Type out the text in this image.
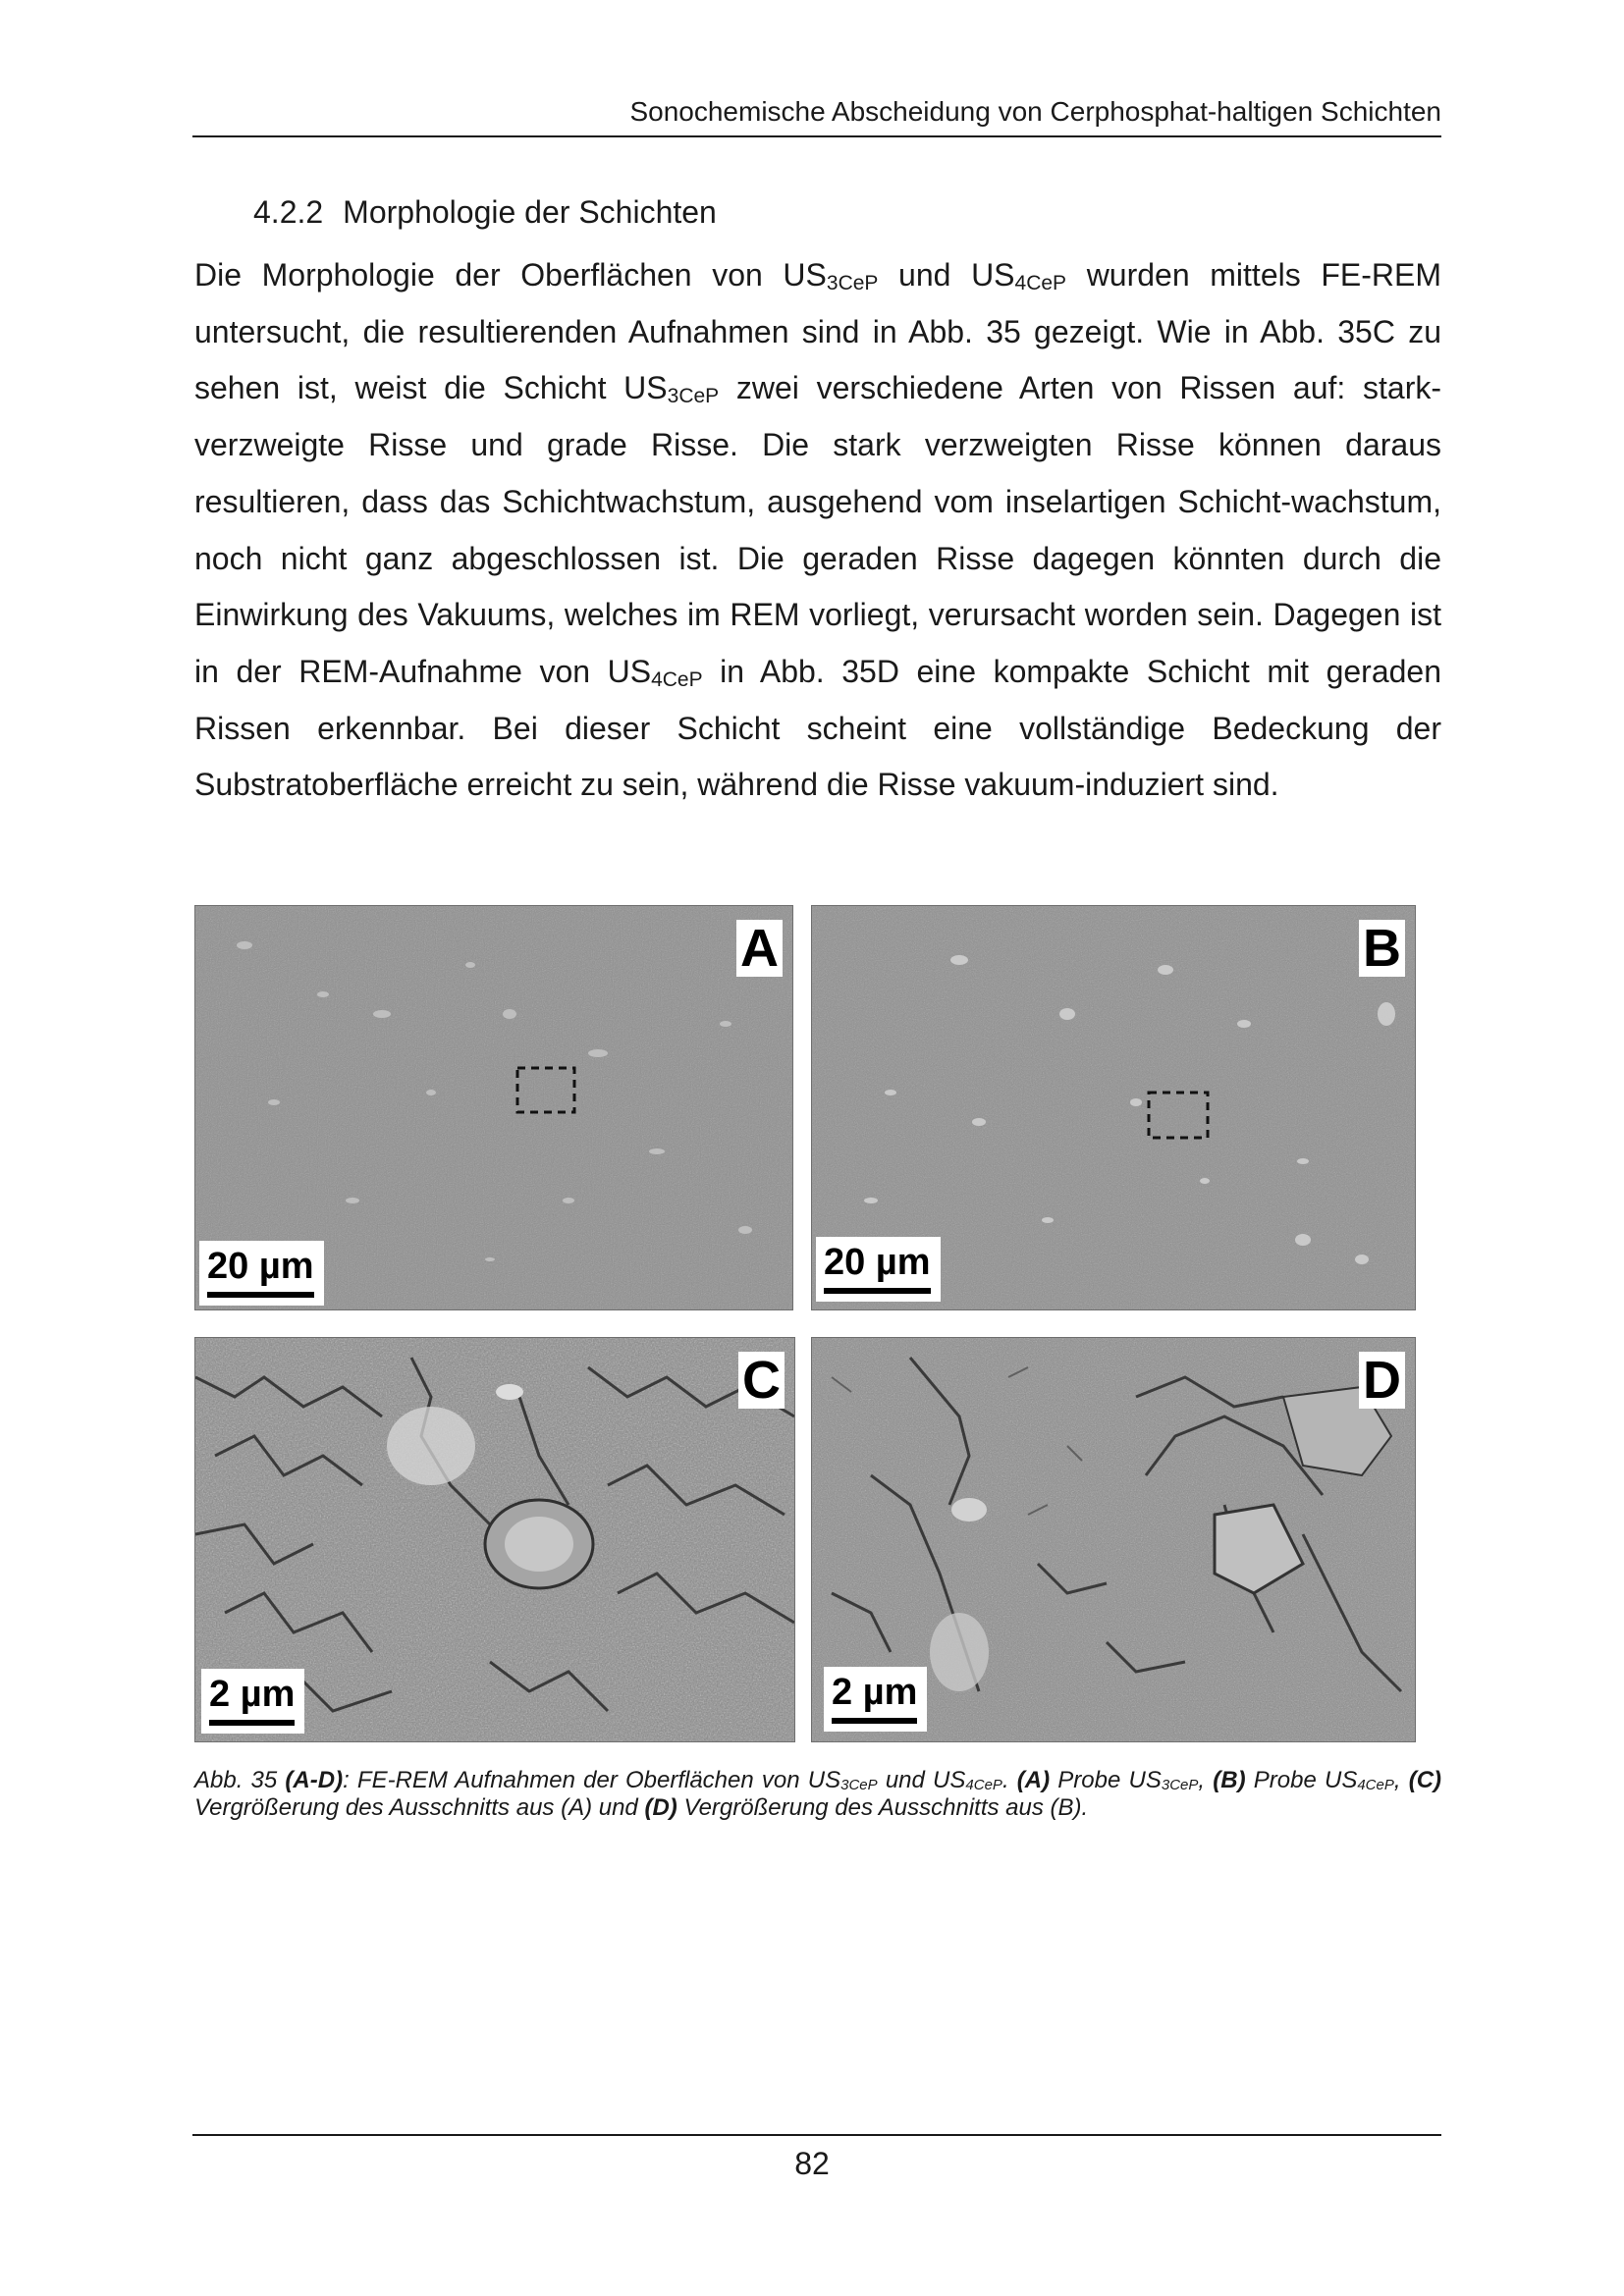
Sonochemische Abscheidung von Cerphosphat-haltigen Schichten
4.2.2 Morphologie der Schichten

Die Morphologie der Oberflächen von $US_{3CeP}$ und $US_{4CeP}$ wurden mittels FE-REM untersucht, die resultierenden Aufnahmen sind in Abb. 35 gezeigt. Wie in Abb. 35C zu sehen ist, weist die Schicht $US_{3CeP}$ zwei verschiedene Arten von Rissen auf: stark-verzweigte Risse und grade Risse. Die stark verzweigten Risse können daraus resultieren, dass das Schichtwachstum, ausgehend vom inselartigen Schicht-wachstum, noch nicht ganz abgeschlossen ist. Die geraden Risse dagegen könnten durch die Einwirkung des Vakuums, welches im REM vorliegt, verursacht worden sein. Dagegen ist in der REM-Aufnahme von $US_{4CeP}$ in Abb. 35D eine kompakte Schicht mit geraden Rissen erkennbar. Bei dieser Schicht scheint eine vollständige Bedeckung der Substratoberfläche erreicht zu sein, während die Risse vakuum-induziert sind.

A
20 µm
B
20 µm
C
2 µm
D
2 µm

Abb. 35 (A-D): FE-REM Aufnahmen der Oberflächen von $US_{3CeP}$ und $US_{4CeP}$. (A) Probe $US_{3CeP}$, (B) Probe $US_{4CeP}$, (C) Vergrößerung des Ausschnitts aus (A) und (D) Vergrößerung des Ausschnitts aus (B).

82
